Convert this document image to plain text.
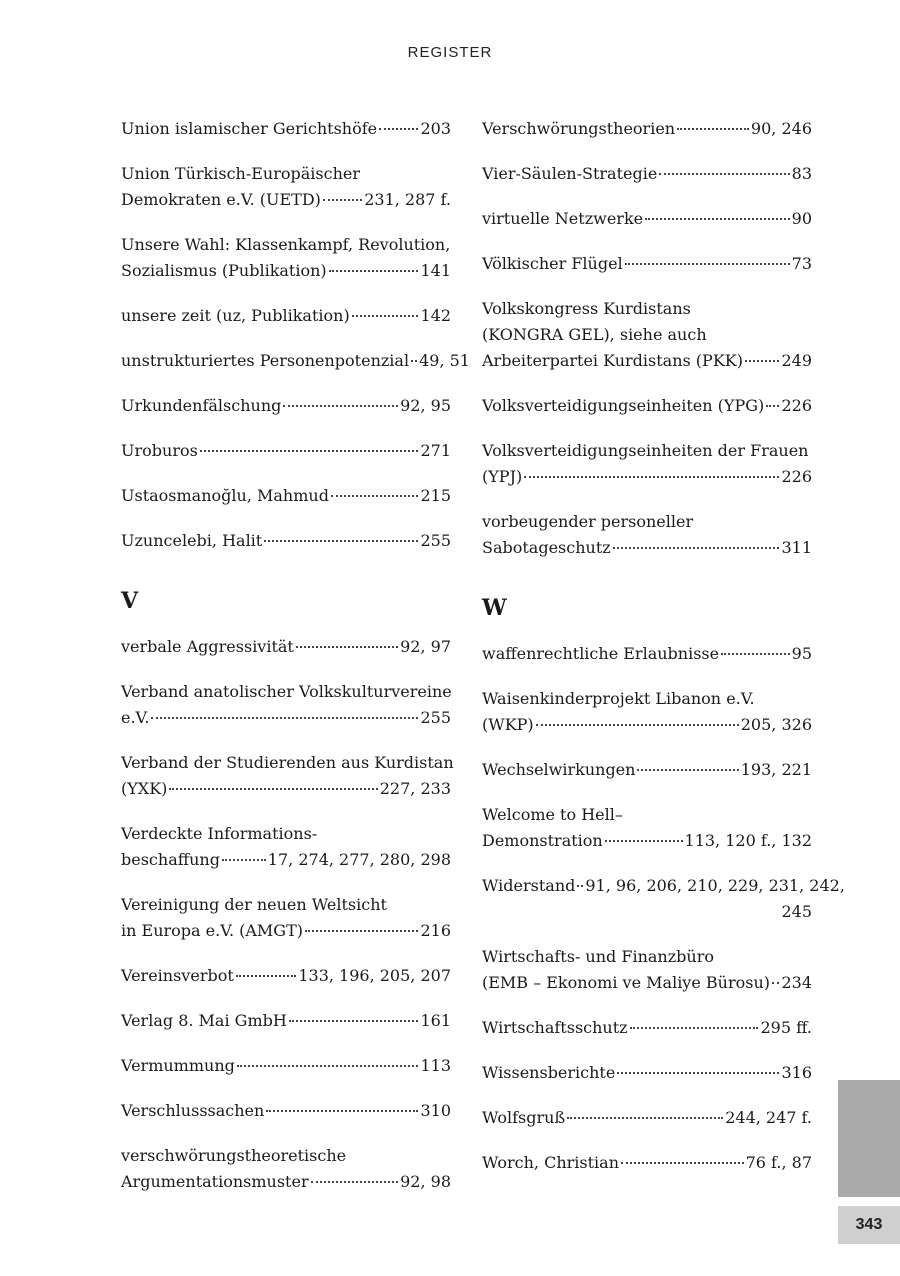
REGISTER
Union islamischer Gerichtshöfe	203
Union Türkisch-Europäischer
Demokraten e.V. (UETD)	231, 287 f.
Unsere Wahl: Klassenkampf, Revolution,
Sozialismus (Publikation)	141
unsere zeit (uz, Publikation)	142
unstrukturiertes Personenpotenzial 49, 51
Urkundenfälschung	92, 95
Uroburos	271
Ustaosmanoğlu, Mahmud	215
Uzuncelebi, Halit	255
V
verbale Aggressivität	92, 97
Verband anatolischer Volkskulturvereine
e.V.	255
Verband der Studierenden aus Kurdistan
(YXK)	227, 233
Verdeckte Informations-
beschaffung	17, 274, 277, 280, 298
Vereinigung der neuen Weltsicht
in Europa e.V. (AMGT)	216
Vereinsverbot	133, 196, 205, 207
Verlag 8. Mai GmbH	161
Vermummung	113
Verschlusssachen	310
verschwörungstheoretische
Argumentationsmuster	92, 98
Verschwörungstheorien	90, 246
Vier-Säulen-Strategie	83
virtuelle Netzwerke	90
Völkischer Flügel	73
Volkskongress Kurdistans
(KONGRA GEL), siehe auch
Arbeiterpartei Kurdistans (PKK) 249
Volksverteidigungseinheiten (YPG) 226
Volksverteidigungseinheiten der Frauen
(YPJ)	226
vorbeugender personeller
Sabotageschutz	311
W
waffenrechtliche Erlaubnisse	95
Waisenkinderprojekt Libanon e.V.
(WKP)	205, 326
Wechselwirkungen	193, 221
Welcome to Hell–
Demonstration	113, 120 f., 132
Widerstand 91, 96, 206, 210, 229, 231, 242,
245
Wirtschafts- und Finanzbüro
(EMB – Ekonomi ve Maliye Bürosu) 234
Wirtschaftsschutz	295 ff.
Wissensberichte	316
Wolfsgruß	244, 247 f.
Worch, Christian	76 f., 87
343
